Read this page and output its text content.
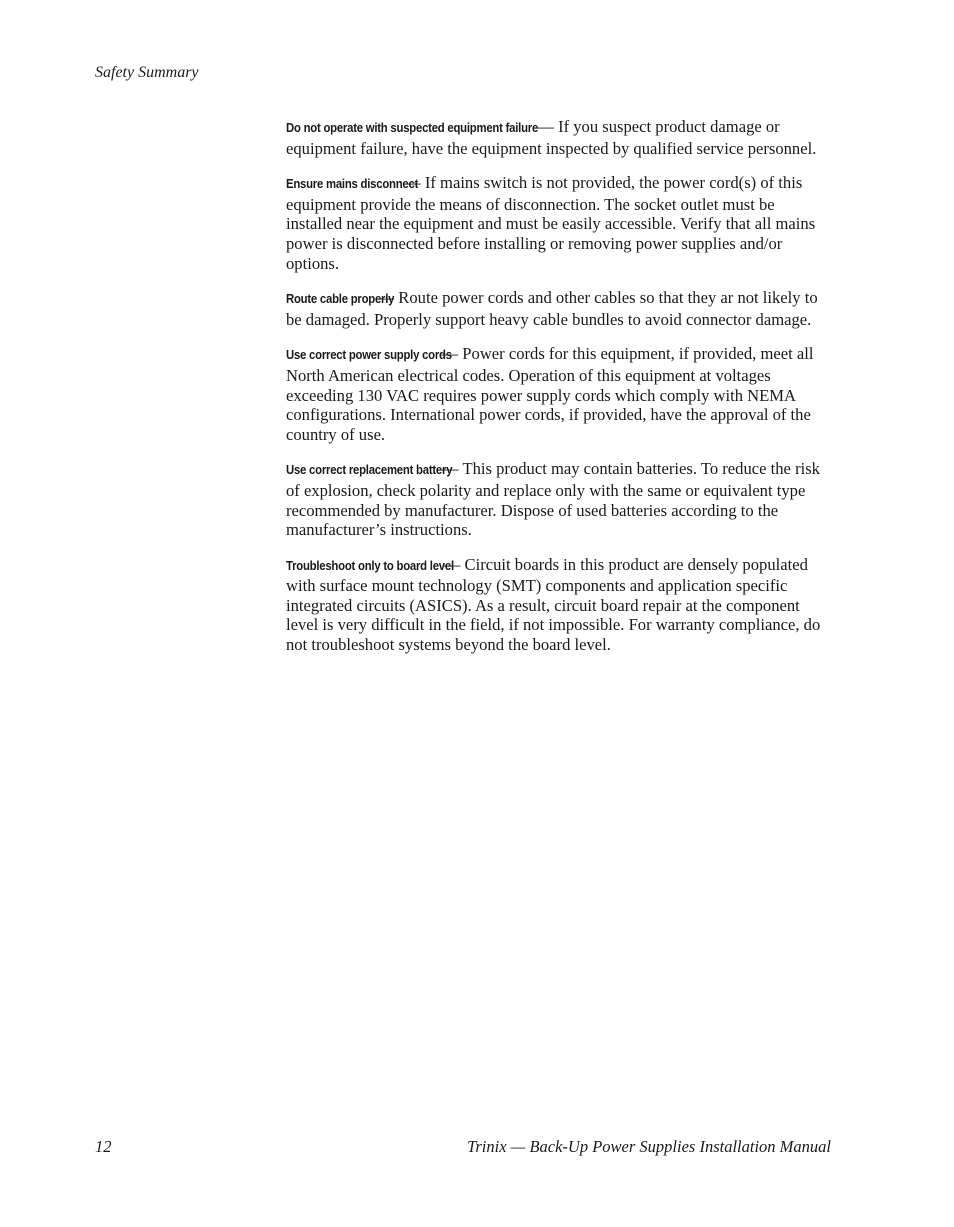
Safety Summary

Do not operate with suspected equipment failure — If you suspect product damage or equipment failure, have the equipment inspected by qualified service personnel.

Ensure mains disconnect — If mains switch is not provided, the power cord(s) of this equipment provide the means of disconnection. The socket outlet must be installed near the equipment and must be easily accessible. Verify that all mains power is disconnected before installing or removing power supplies and/or options.

Route cable properly — Route power cords and other cables so that they ar not likely to be damaged. Properly support heavy cable bundles to avoid connector damage.

Use correct power supply cords — Power cords for this equipment, if provided, meet all North American electrical codes. Operation of this equipment at voltages exceeding 130 VAC requires power supply cords which comply with NEMA configurations. International power cords, if provided, have the approval of the country of use.

Use correct replacement battery — This product may contain batteries. To reduce the risk of explosion, check polarity and replace only with the same or equivalent type recommended by manufacturer. Dispose of used batteries according to the manufacturer’s instructions.

Troubleshoot only to board level — Circuit boards in this product are densely populated with surface mount technology (SMT) components and application specific integrated circuits (ASICS). As a result, circuit board repair at the component level is very difficult in the field, if not impossible. For warranty compliance, do not troubleshoot systems beyond the board level.

12	Trinix — Back-Up Power Supplies Installation Manual
